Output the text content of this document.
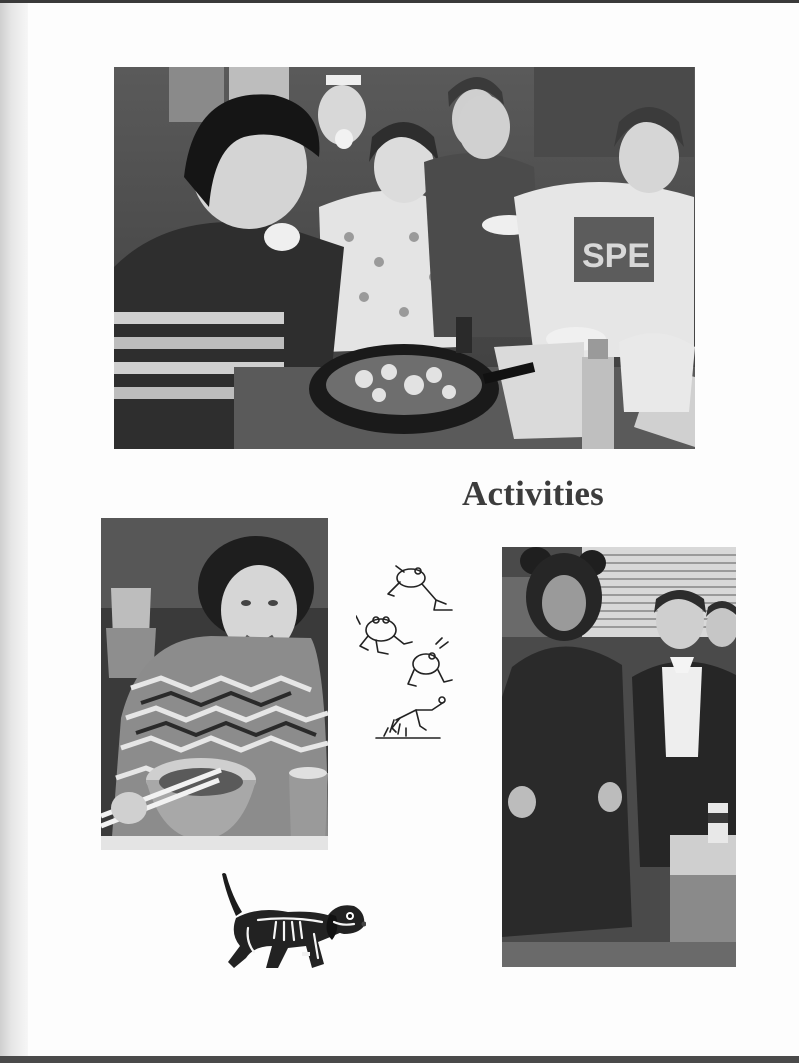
SPE
Activities
